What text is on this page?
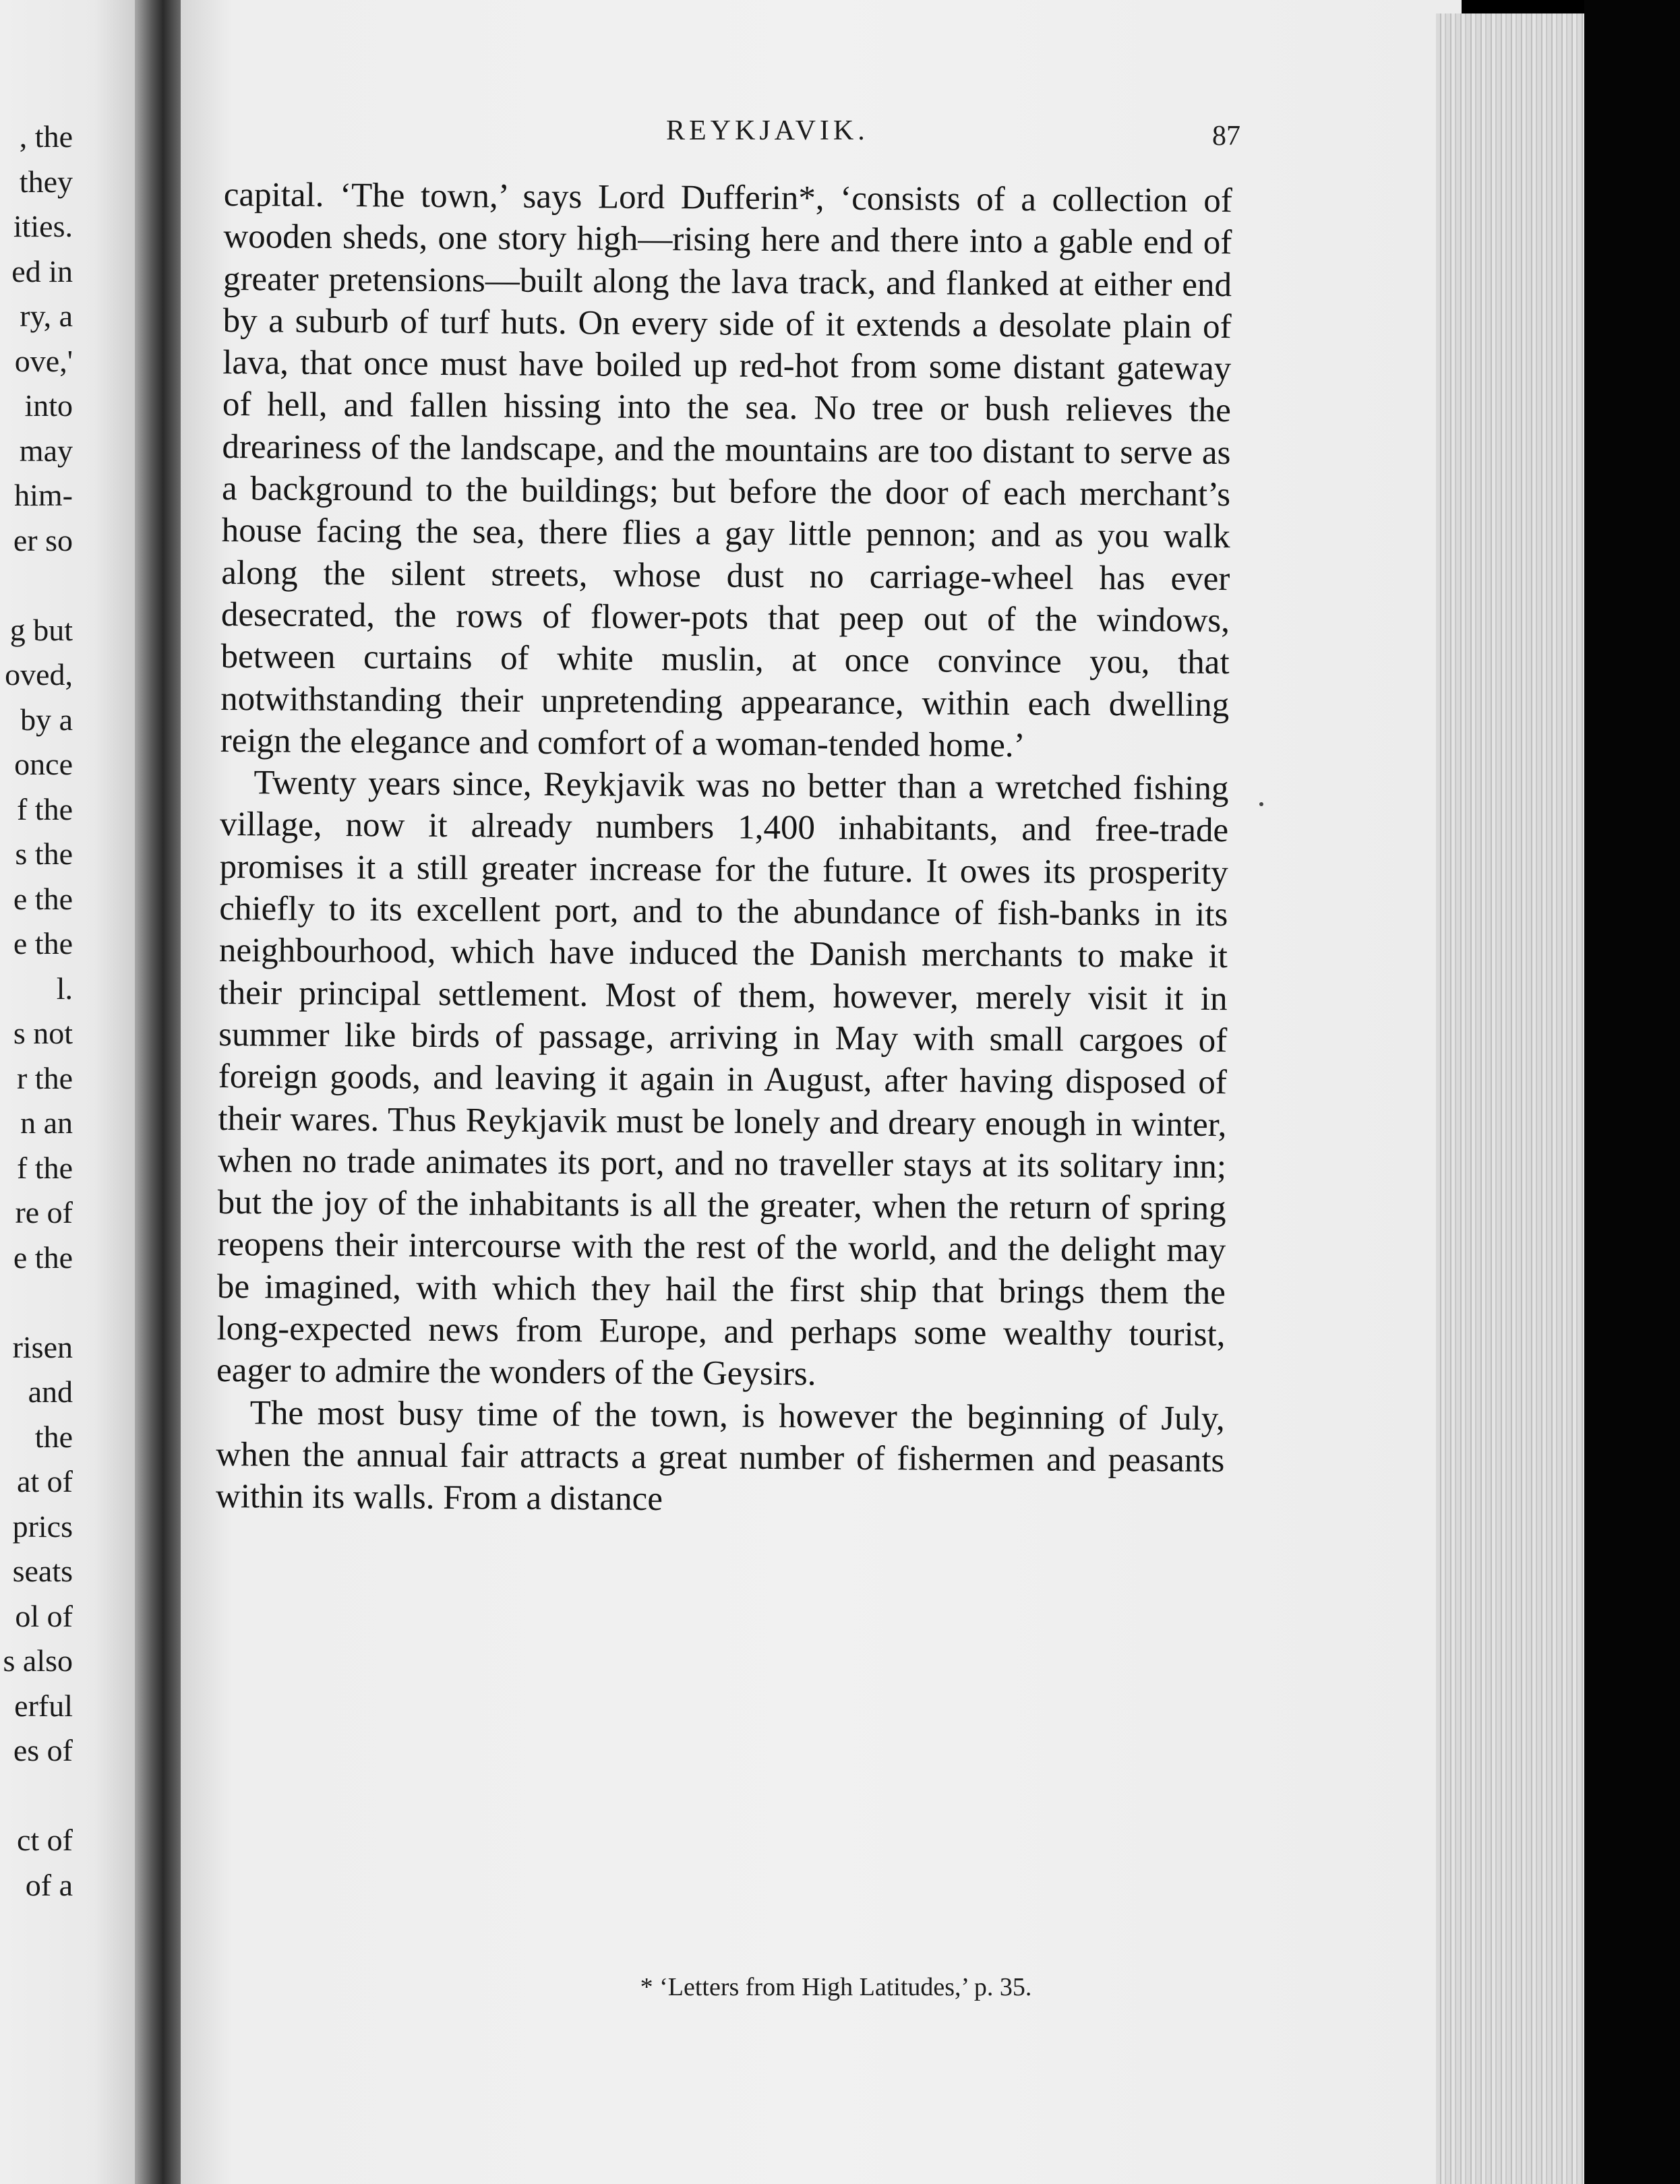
, the
they
ities.
ed in
ry, a
ove,'
into
may
him-
er so
g but
oved,
by a
once
f the
s the
e the
e the
l.
s not
r the
n an
f the
re of
e the
risen
and
the
at of
prics
seats
ol of
s also
erful
es of
ct of
of a
REYKJAVIK.	87

capital. ‘The town,’ says Lord Dufferin*, ‘consists of a collection of wooden sheds, one story high—rising here and there into a gable end of greater pretensions—built along the lava track, and flanked at either end by a suburb of turf huts. On every side of it extends a desolate plain of lava, that once must have boiled up red-hot from some distant gateway of hell, and fallen hissing into the sea. No tree or bush relieves the dreariness of the landscape, and the mountains are too distant to serve as a background to the buildings; but before the door of each merchant’s house facing the sea, there flies a gay little pennon; and as you walk along the silent streets, whose dust no carriage-wheel has ever desecrated, the rows of flower-pots that peep out of the windows, between curtains of white muslin, at once convince you, that notwithstanding their unpretending appearance, within each dwelling reign the elegance and comfort of a woman-tended home.’

Twenty years since, Reykjavik was no better than a wretched fishing village, now it already numbers 1,400 inhabitants, and free-trade promises it a still greater increase for the future. It owes its prosperity chiefly to its excellent port, and to the abundance of fish-banks in its neighbourhood, which have induced the Danish merchants to make it their principal settlement. Most of them, however, merely visit it in summer like birds of passage, arriving in May with small cargoes of foreign goods, and leaving it again in August, after having disposed of their wares. Thus Reykjavik must be lonely and dreary enough in winter, when no trade animates its port, and no traveller stays at its solitary inn; but the joy of the inhabitants is all the greater, when the return of spring reopens their intercourse with the rest of the world, and the delight may be imagined, with which they hail the first ship that brings them the long-expected news from Europe, and perhaps some wealthy tourist, eager to admire the wonders of the Geysirs.

The most busy time of the town, is however the beginning of July, when the annual fair attracts a great number of fishermen and peasants within its walls. From a distance

* ‘Letters from High Latitudes,’ p. 35.
